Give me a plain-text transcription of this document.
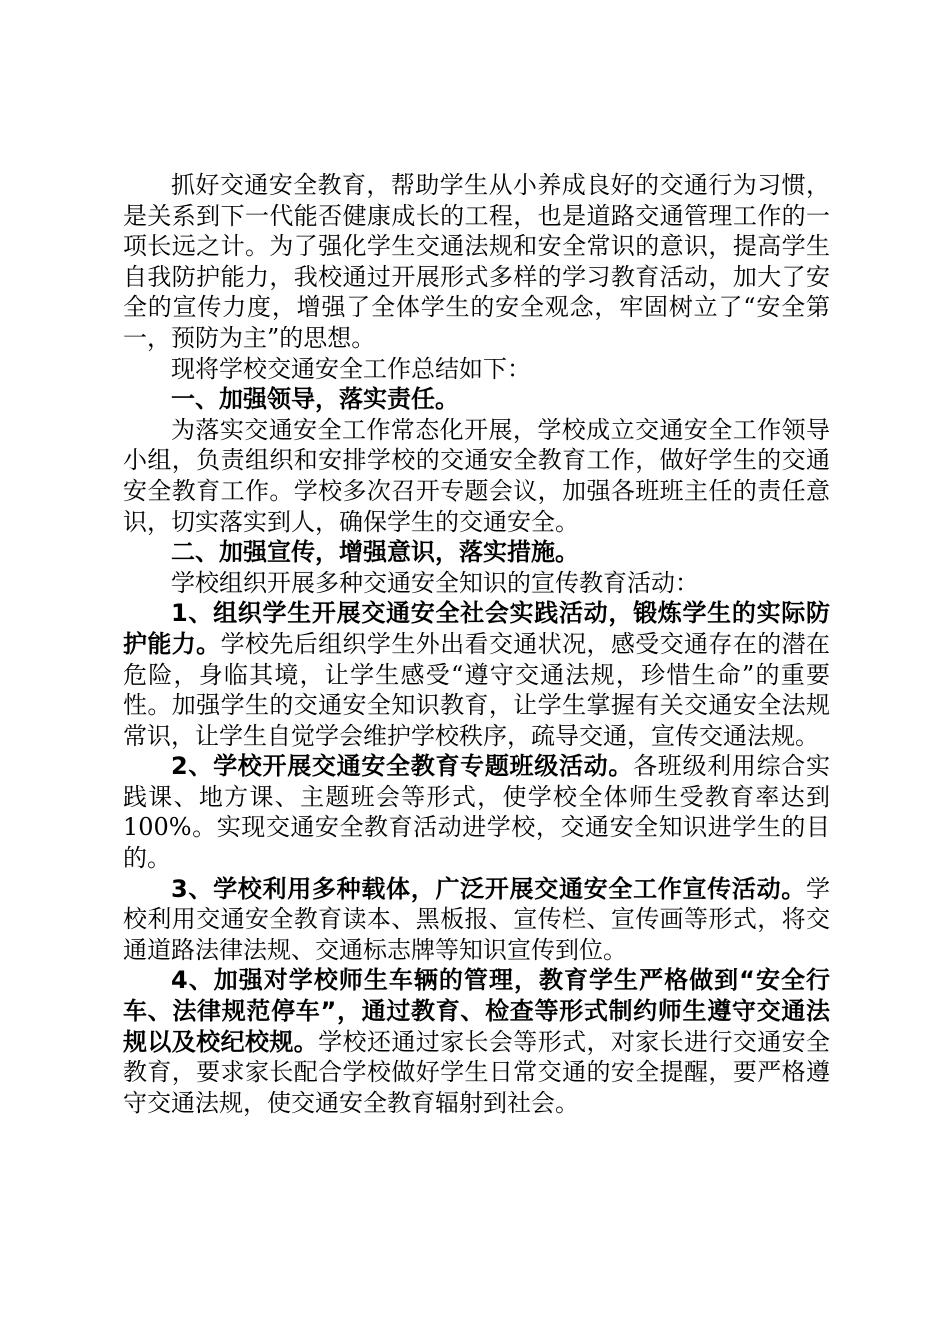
抓好交通安全教育，帮助学生从小养成良好的交通行为习惯，是关系到下一代能否健康成长的工程，也是道路交通管理工作的一项长远之计。为了强化学生交通法规和安全常识的意识，提高学生自我防护能力，我校通过开展形式多样的学习教育活动，加大了安全的宣传力度，增强了全体学生的安全观念，牢固树立了“安全第一，预防为主”的思想。

现将学校交通安全工作总结如下：

一、加强领导，落实责任。

为落实交通安全工作常态化开展，学校成立交通安全工作领导小组，负责组织和安排学校的交通安全教育工作，做好学生的交通安全教育工作。学校多次召开专题会议，加强各班班主任的责任意识，切实落实到人，确保学生的交通安全。

二、加强宣传，增强意识，落实措施。

学校组织开展多种交通安全知识的宣传教育活动：

1、组织学生开展交通安全社会实践活动，锻炼学生的实际防护能力。学校先后组织学生外出看交通状况，感受交通存在的潜在危险，身临其境，让学生感受“遵守交通法规，珍惜生命”的重要性。加强学生的交通安全知识教育，让学生掌握有关交通安全法规常识，让学生自觉学会维护学校秩序，疏导交通，宣传交通法规。

2、学校开展交通安全教育专题班级活动。各班级利用综合实践课、地方课、主题班会等形式，使学校全体师生受教育率达到100%。实现交通安全教育活动进学校，交通安全知识进学生的目的。

3、学校利用多种载体，广泛开展交通安全工作宣传活动。学校利用交通安全教育读本、黑板报、宣传栏、宣传画等形式，将交通道路法律法规、交通标志牌等知识宣传到位。

4、加强对学校师生车辆的管理，教育学生严格做到“安全行车、法律规范停车”，通过教育、检查等形式制约师生遵守交通法规以及校纪校规。学校还通过家长会等形式，对家长进行交通安全教育，要求家长配合学校做好学生日常交通的安全提醒，要严格遵守交通法规，使交通安全教育辐射到社会。
